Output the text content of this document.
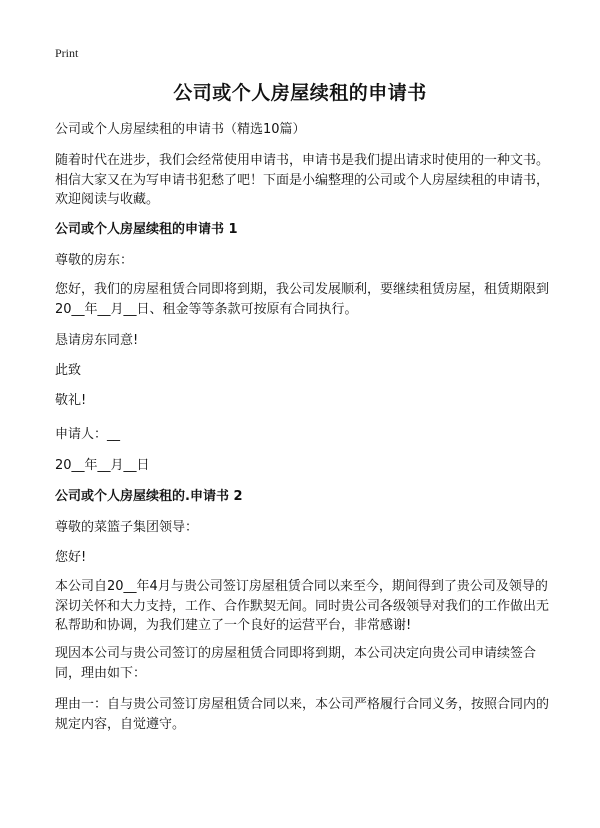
Print
公司或个人房屋续租的申请书

公司或个人房屋续租的申请书（精选10篇）

随着时代在进步，我们会经常使用申请书，申请书是我们提出请求时使用的一种文书。相信大家又在为写申请书犯愁了吧！下面是小编整理的公司或个人房屋续租的申请书，欢迎阅读与收藏。

公司或个人房屋续租的申请书 1

尊敬的房东：

您好，我们的房屋租赁合同即将到期，我公司发展顺利，要继续租赁房屋，租赁期限到20__年__月__日、租金等等条款可按原有合同执行。

恳请房东同意!

此致

敬礼!

申请人：__

20__年__月__日

公司或个人房屋续租的.申请书 2

尊敬的菜篮子集团领导：

您好!

本公司自20__年4月与贵公司签订房屋租赁合同以来至今，期间得到了贵公司及领导的深切关怀和大力支持，工作、合作默契无间。同时贵公司各级领导对我们的工作做出无私帮助和协调，为我们建立了一个良好的运营平台，非常感谢!

现因本公司与贵公司签订的房屋租赁合同即将到期，本公司决定向贵公司申请续签合同，理由如下：

理由一：自与贵公司签订房屋租赁合同以来，本公司严格履行合同义务，按照合同内的规定内容，自觉遵守。
